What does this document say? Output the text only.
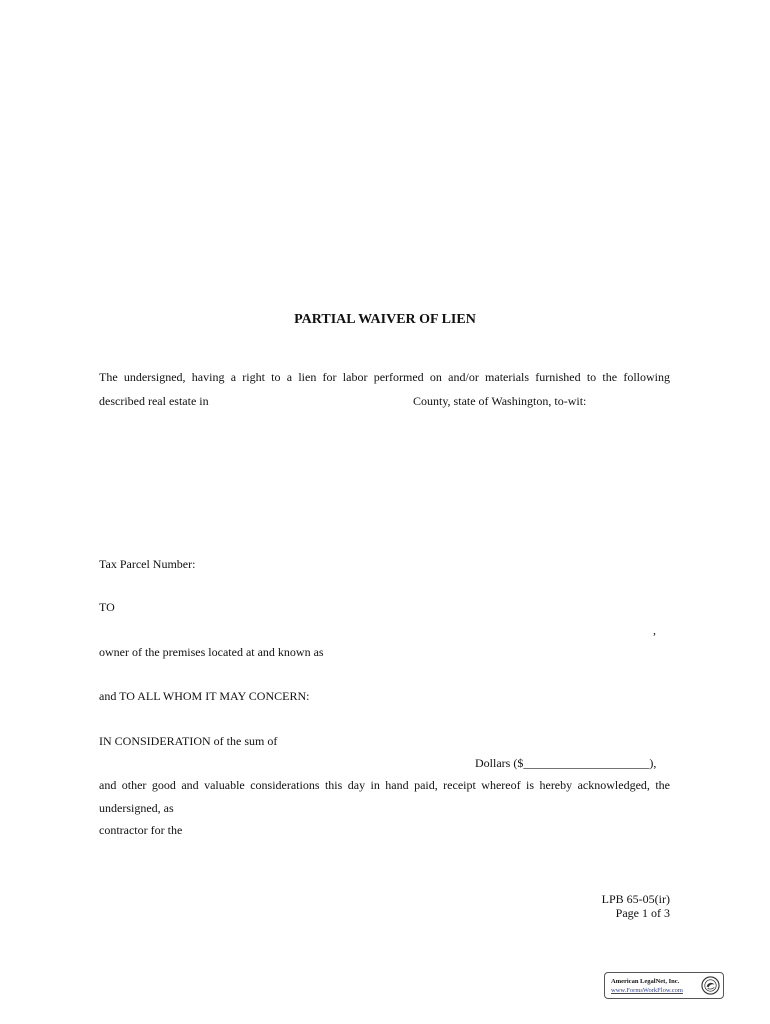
PARTIAL WAIVER OF LIEN
The undersigned, having a right to a lien for labor performed on and/or materials furnished to the following
described real estate in	County, state of Washington, to-wit:
Tax Parcel Number:
TO
,
owner of the premises located at and known as
and TO ALL WHOM IT MAY CONCERN:
IN CONSIDERATION of the sum of
Dollars ($_____________________),
and other good and valuable considerations this day in hand paid, receipt whereof is hereby acknowledged, the
undersigned, as
contractor for the
LPB 65-05(ir)
Page 1 of 3
American LegalNet, Inc.
www.FormsWorkFlow.com
